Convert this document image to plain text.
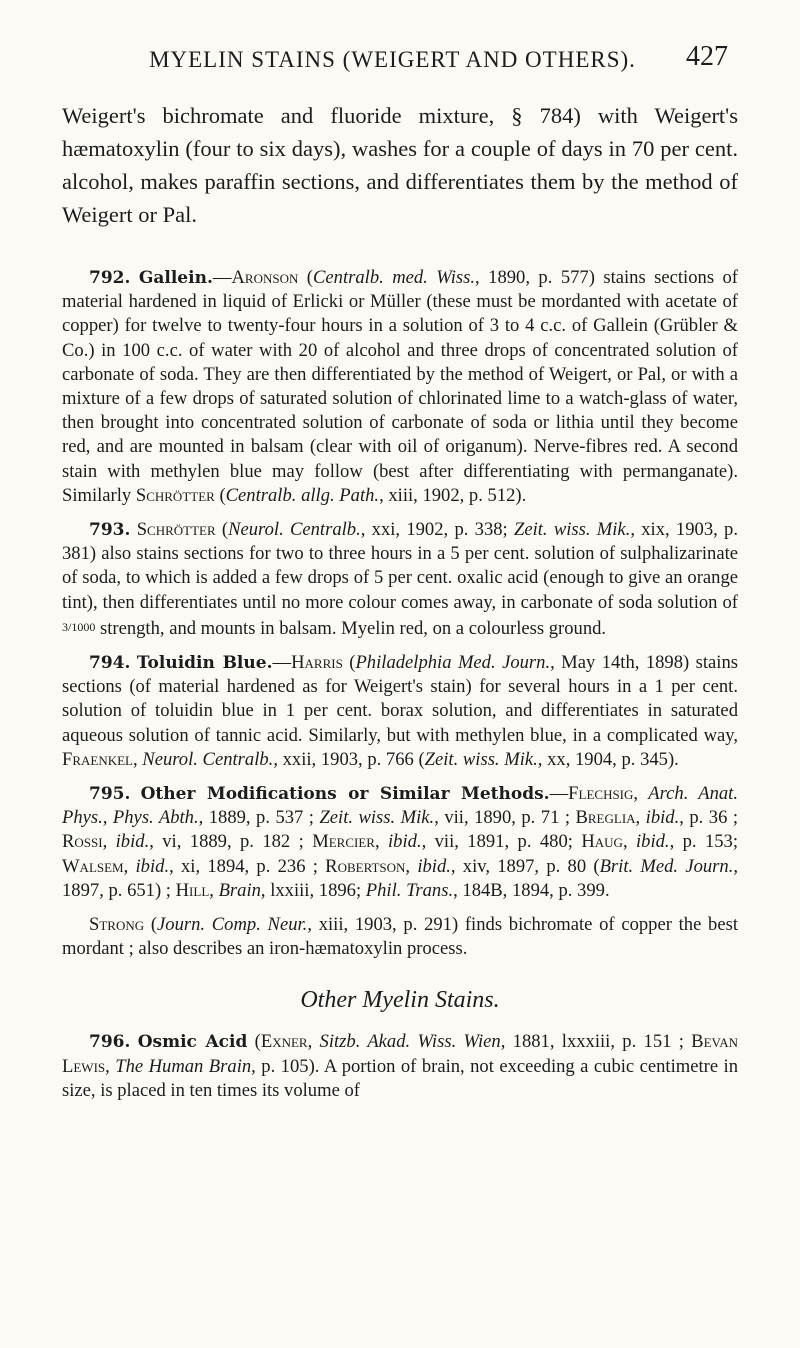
MYELIN STAINS (WEIGERT AND OTHERS).	427

Weigert's bichromate and fluoride mixture, § 784) with Weigert's hæmatoxylin (four to six days), washes for a couple of days in 70 per cent. alcohol, makes paraffin sections, and differentiates them by the method of Weigert or Pal.

792. Gallein.—Aronson (Centralb. med. Wiss., 1890, p. 577) stains sections of material hardened in liquid of Erlicki or Müller (these must be mordanted with acetate of copper) for twelve to twenty-four hours in a solution of 3 to 4 c.c. of Gallein (Grübler & Co.) in 100 c.c. of water with 20 of alcohol and three drops of concentrated solution of carbonate of soda. They are then differentiated by the method of Weigert, or Pal, or with a mixture of a few drops of saturated solution of chlorinated lime to a watch-glass of water, then brought into concentrated solution of carbonate of soda or lithia until they become red, and are mounted in balsam (clear with oil of origanum). Nerve-fibres red. A second stain with methylen blue may follow (best after differentiating with permanganate). Similarly Schrötter (Centralb. allg. Path., xiii, 1902, p. 512).

793. Schrötter (Neurol. Centralb., xxi, 1902, p. 338; Zeit. wiss. Mik., xix, 1903, p. 381) also stains sections for two to three hours in a 5 per cent. solution of sulphalizarinate of soda, to which is added a few drops of 5 per cent. oxalic acid (enough to give an orange tint), then differentiates until no more colour comes away, in carbonate of soda solution of 3/1000 strength, and mounts in balsam. Myelin red, on a colourless ground.

794. Toluidin Blue.—Harris (Philadelphia Med. Journ., May 14th, 1898) stains sections (of material hardened as for Weigert's stain) for several hours in a 1 per cent. solution of toluidin blue in 1 per cent. borax solution, and differentiates in saturated aqueous solution of tannic acid. Similarly, but with methylen blue, in a complicated way, Fraenkel, Neurol. Centralb., xxii, 1903, p. 766 (Zeit. wiss. Mik., xx, 1904, p. 345).

795. Other Modifications or Similar Methods.—Flechsig, Arch. Anat. Phys., Phys. Abth., 1889, p. 537 ; Zeit. wiss. Mik., vii, 1890, p. 71 ; Breglia, ibid., p. 36 ; Rossi, ibid., vi, 1889, p. 182 ; Mercier, ibid., vii, 1891, p. 480; Haug, ibid., p. 153; Walsem, ibid., xi, 1894, p. 236 ; Robertson, ibid., xiv, 1897, p. 80 (Brit. Med. Journ., 1897, p. 651) ; Hill, Brain, lxxiii, 1896; Phil. Trans., 184B, 1894, p. 399.

Strong (Journ. Comp. Neur., xiii, 1903, p. 291) finds bichromate of copper the best mordant ; also describes an iron-hæmatoxylin process.

Other Myelin Stains.

796. Osmic Acid (Exner, Sitzb. Akad. Wiss. Wien, 1881, lxxxiii, p. 151 ; Bevan Lewis, The Human Brain, p. 105). A portion of brain, not exceeding a cubic centimetre in size, is placed in ten times its volume of
